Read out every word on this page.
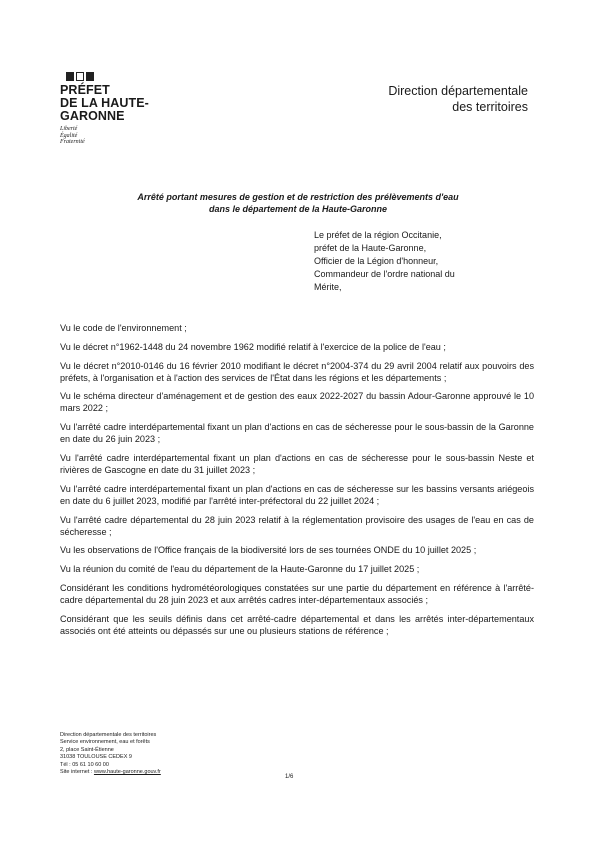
PRÉFET
DE LA HAUTE-
GARONNE
Liberté
Égalité
Fraternité
Direction départementale
des territoires
Arrêté portant mesures de gestion et de restriction des prélèvements d'eau
dans le département de la Haute-Garonne
Le préfet de la région Occitanie,
préfet de la Haute-Garonne,
Officier de la Légion d'honneur,
Commandeur de l'ordre national du
Mérite,

Vu le code de l'environnement ;

Vu le décret n°1962-1448 du 24 novembre 1962 modifié relatif à l'exercice de la police de l'eau ;

Vu le décret n°2010-0146 du 16 février 2010 modifiant le décret n°2004-374 du 29 avril 2004 relatif aux pouvoirs des préfets, à l'organisation et à l'action des services de l'État dans les régions et les départements ;

Vu le schéma directeur d'aménagement et de gestion des eaux 2022-2027 du bassin Adour-Garonne approuvé le 10 mars 2022 ;

Vu l'arrêté cadre interdépartemental fixant un plan d'actions en cas de sécheresse pour le sous-bassin de la Garonne en date du 26 juin 2023 ;

Vu l'arrêté cadre interdépartemental fixant un plan d'actions en cas de sécheresse pour le sous-bassin Neste et rivières de Gascogne en date du 31 juillet 2023 ;

Vu l'arrêté cadre interdépartemental fixant un plan d'actions en cas de sécheresse sur les bassins versants ariégeois en date du 6 juillet 2023, modifié par l'arrêté inter-préfectoral du 22 juillet 2024 ;

Vu l'arrêté cadre départemental du 28 juin 2023 relatif à la réglementation provisoire des usages de l'eau en cas de sécheresse ;

Vu les observations de l'Office français de la biodiversité lors de ses tournées ONDE du 10 juillet 2025 ;

Vu la réunion du comité de l'eau du département de la Haute-Garonne du 17 juillet 2025 ;

Considérant les conditions hydrométéorologiques constatées sur une partie du département en référence à l'arrêté-cadre départemental du 28 juin 2023 et aux arrêtés cadres inter-départementaux associés ;

Considérant que les seuils définis dans cet arrêté-cadre départemental et dans les arrêtés inter-départementaux associés ont été atteints ou dépassés sur une ou plusieurs stations de référence ;

Direction départementale des territoires
Service environnement, eau et forêts
2, place Saint-Étienne
31038 TOULOUSE CEDEX 9
Tél : 05 61 10 60 00
Site internet : www.haute-garonne.gouv.fr
1/6
